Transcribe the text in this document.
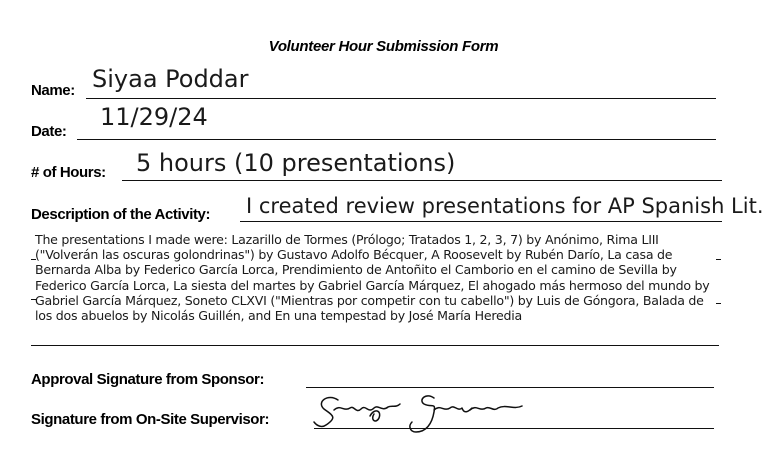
Volunteer Hour Submission Form
Name: Siyaa Poddar
Date:
11/29/24
# of Hours: 5 hours (10 presentations)
Description of the Activity: I created review presentations for AP Spanish Lit.
The presentations I made were: Lazarillo de Tormes (Prólogo; Tratados 1, 2, 3, 7) by Anónimo, Rima LIII ("Volverán las oscuras golondrinas") by Gustavo Adolfo Bécquer, A Roosevelt by Rubén Darío, La casa de Bernarda Alba by Federico García Lorca, Prendimiento de Antoñito el Camborio en el camino de Sevilla by Federico García Lorca, La siesta del martes by Gabriel García Márquez, El ahogado más hermoso del mundo by Gabriel García Márquez, Soneto CLXVI ("Mientras por competir con tu cabello") by Luis de Góngora, Balada de los dos abuelos by Nicolás Guillén, and En una tempestad by José María Heredia
Approval Signature from Sponsor:
Signature from On-Site Supervisor:
